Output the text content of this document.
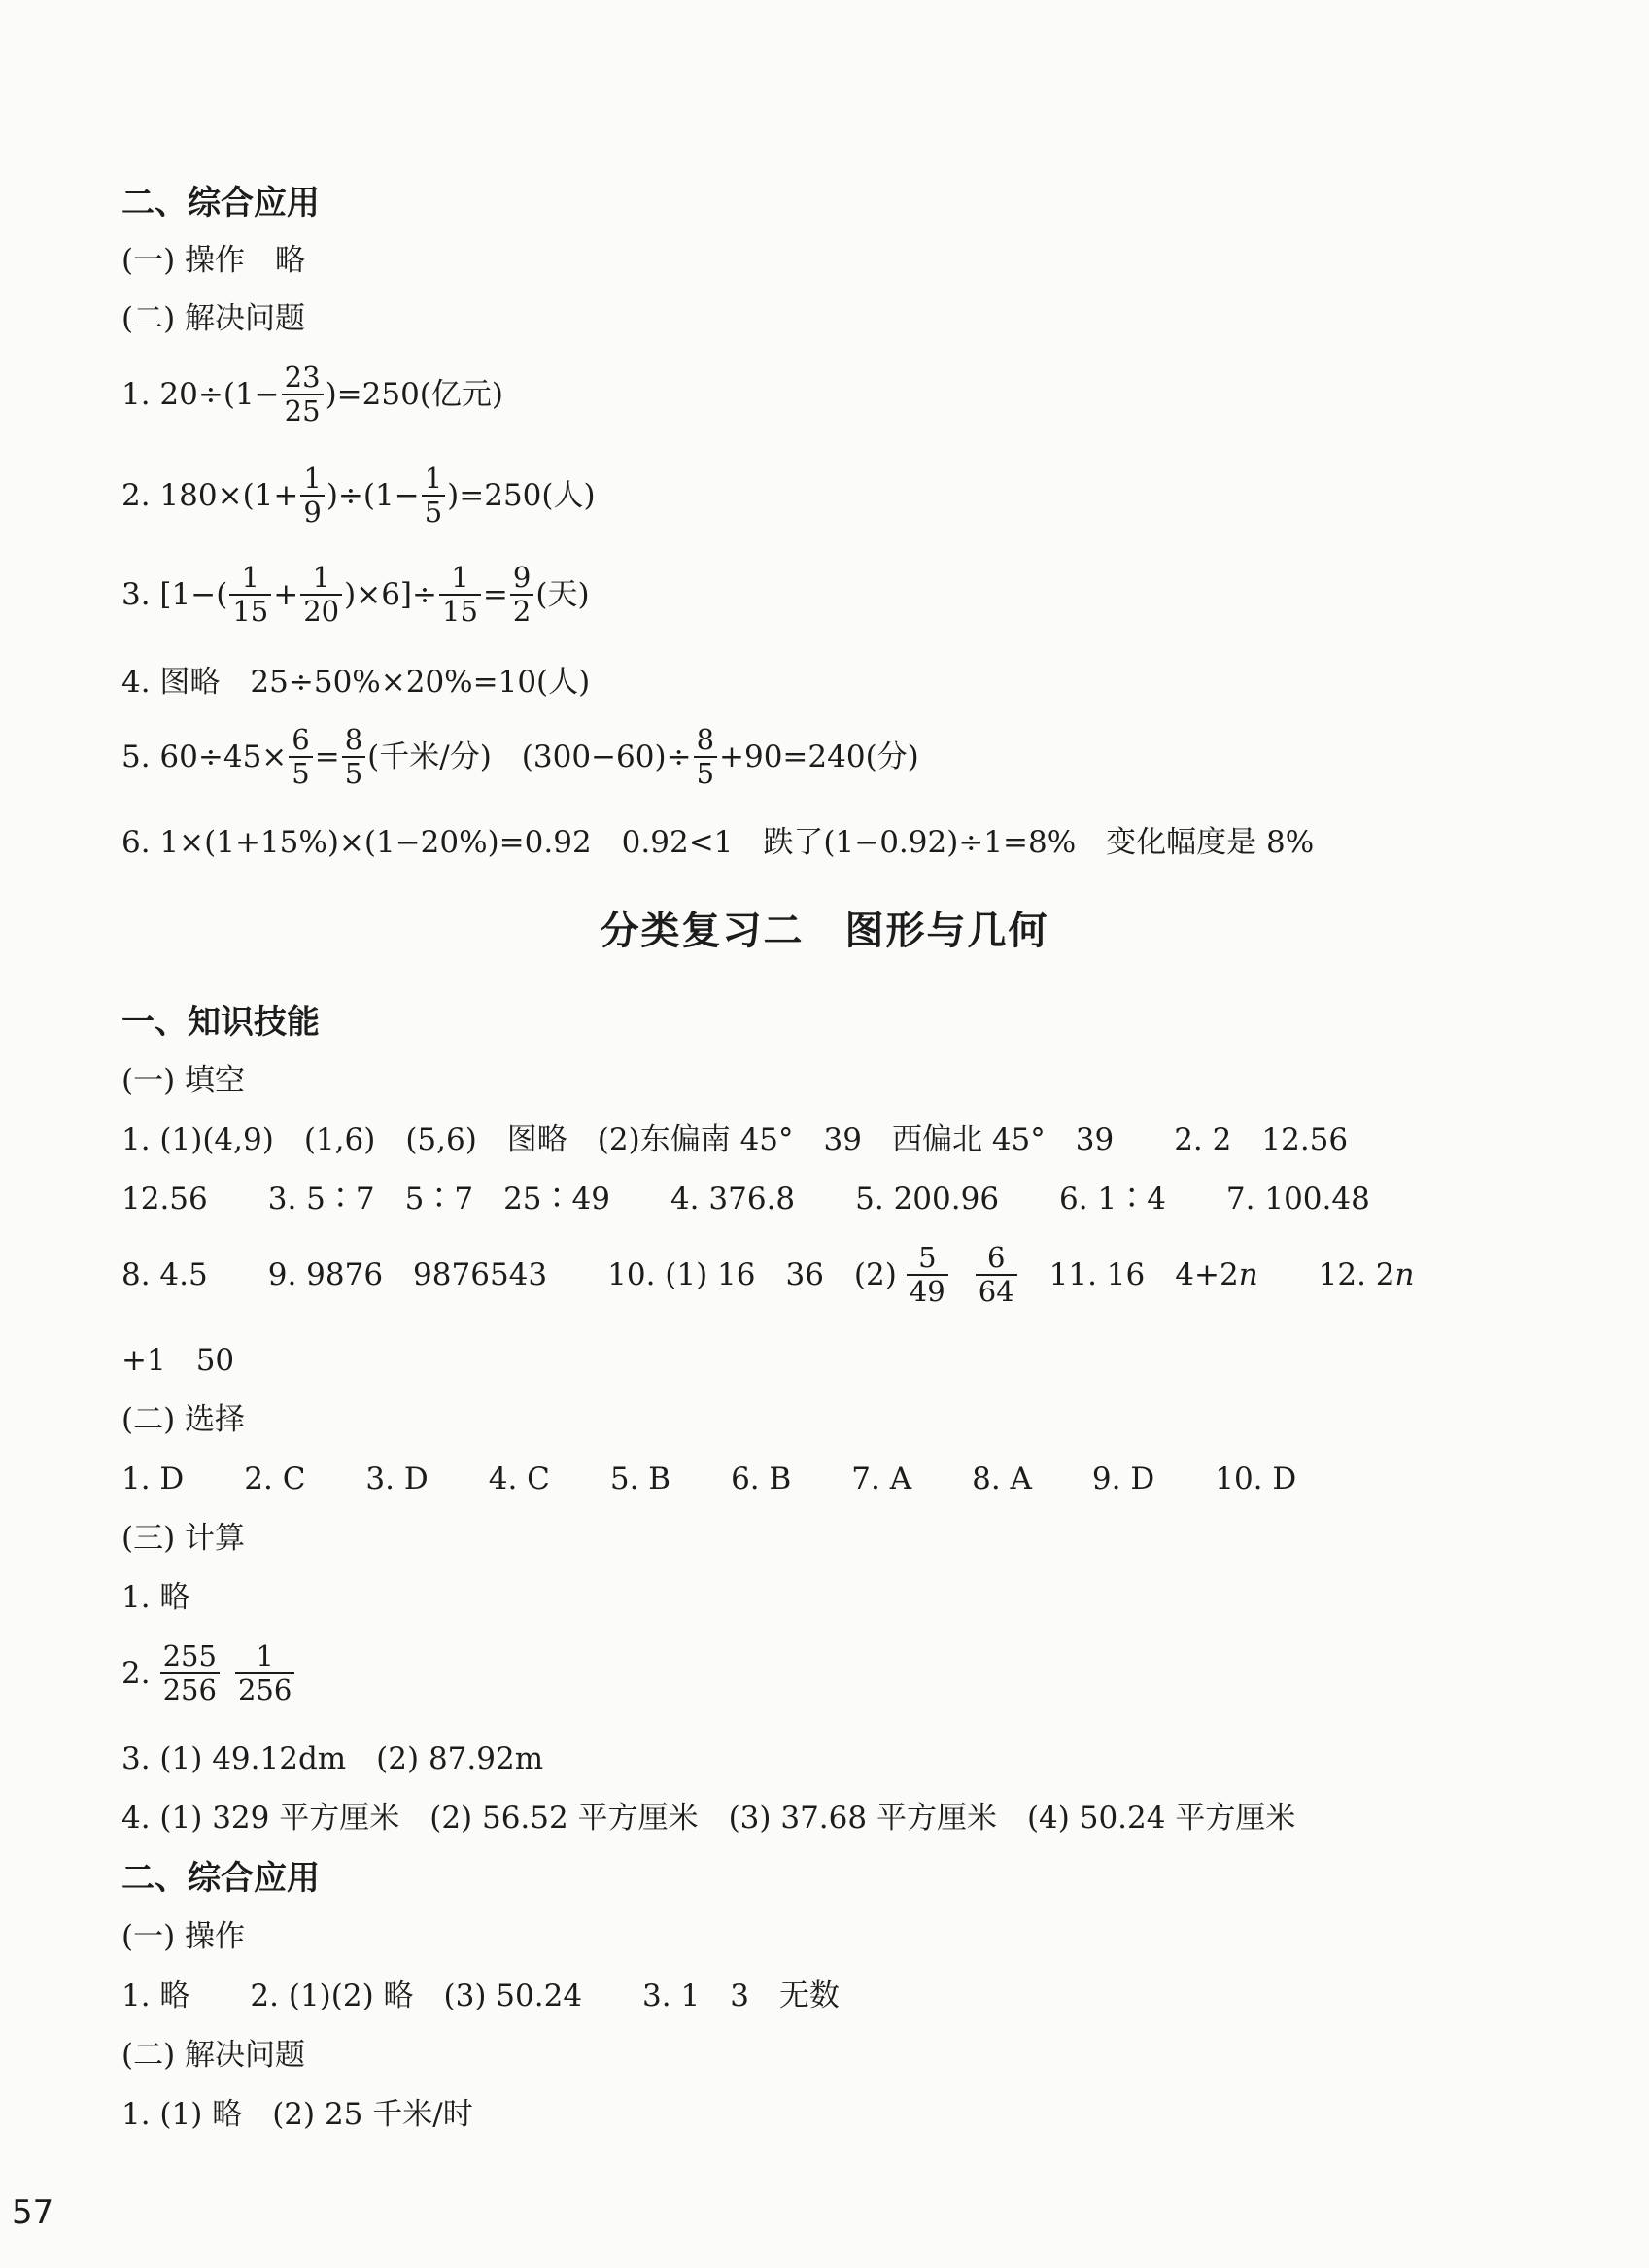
二、综合应用
(一) 操作　略
(二) 解决问题
1. $20\div(1- \frac{23}{25} )=250$(亿元)
2. $180\times(1+ \frac{1}{9} )\div(1- \frac{1}{5} )=250$(人)
3. $[1-( \frac{1}{15} + \frac{1}{20} )\times 6]\div \frac{1}{15} = \frac{9}{2}$ (天)
4. 图略　25÷50%×20%=10(人)
5. $60\div 45\times \frac{6}{5} = \frac{8}{5}$ (千米/分)　$(300-60)\div \frac{8}{5} +90=240$(分)
6. 1×(1+15%)×(1−20%)=0.92　0.92<1　跌了(1−0.92)÷1=8%　变化幅度是 8%
分类复习二　图形与几何
一、知识技能
(一) 填空
1. (1)(4,9)　(1,6)　(5,6)　图略　(2)东偏南 45°　39　西偏北 45°　39　　2. 2　12.56
12.56　　3. 5∶7　5∶7　25∶49　　4. 376.8　　5. 200.96　　6. 1∶4　　7. 100.48
8. 4.5　　9. 9876　9876543　　10. (1) 16　36　$(2) \frac{5}{49} \frac{6}{64}$ 　11. 16　4+2 n 　　12. 2 n
+1　50
(二) 选择
1. D　　2. C　　3. D　　4. C　　5. B　　6. B　　7. A　　8. A　　9. D　　10. D
(三) 计算
1. 略
2. $\frac{255}{256} \frac{1}{256}$
3. (1) 49.12dm　(2) 87.92m
4. (1) 329 平方厘米　(2) 56.52 平方厘米　(3) 37.68 平方厘米　(4) 50.24 平方厘米
二、综合应用
(一) 操作
1. 略　　2. (1)(2) 略　(3) 50.24　　3. 1　3　无数
(二) 解决问题
1. (1) 略　(2) 25 千米/时
57
